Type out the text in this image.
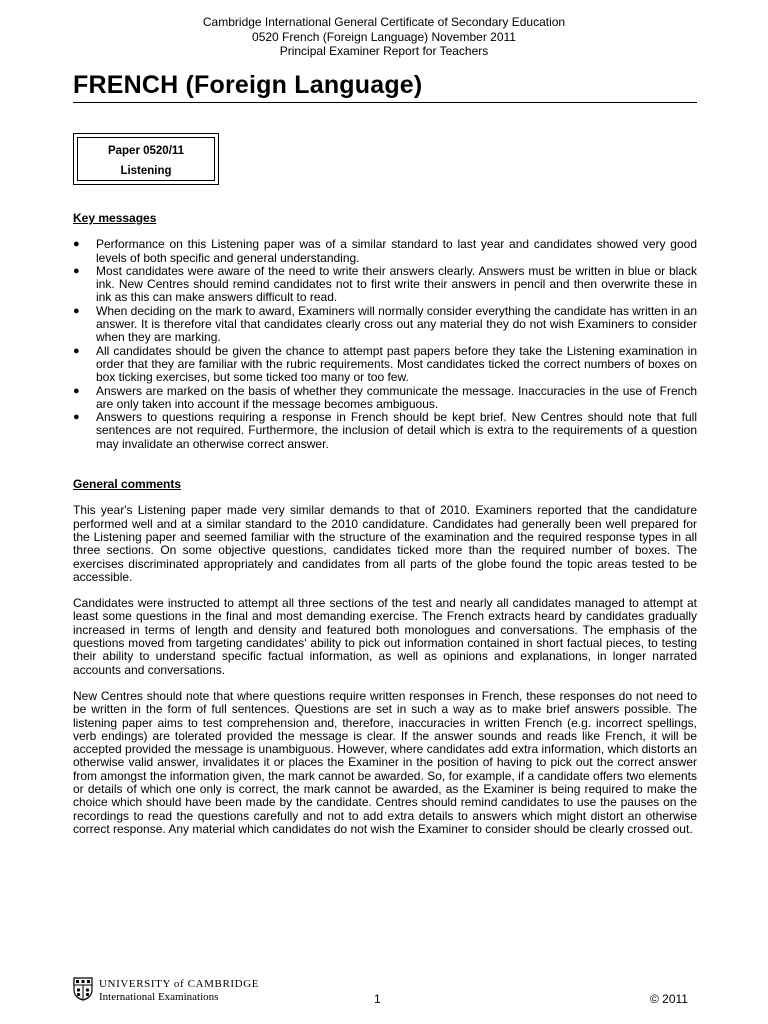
Cambridge International General Certificate of Secondary Education
0520 French (Foreign Language) November 2011
Principal Examiner Report for Teachers
FRENCH (Foreign Language)
Paper 0520/11
Listening
Key messages
● Performance on this Listening paper was of a similar standard to last year and candidates showed very good levels of both specific and general understanding.
● Most candidates were aware of the need to write their answers clearly. Answers must be written in blue or black ink. New Centres should remind candidates not to first write their answers in pencil and then overwrite these in ink as this can make answers difficult to read.
● When deciding on the mark to award, Examiners will normally consider everything the candidate has written in an answer. It is therefore vital that candidates clearly cross out any material they do not wish Examiners to consider when they are marking.
● All candidates should be given the chance to attempt past papers before they take the Listening examination in order that they are familiar with the rubric requirements. Most candidates ticked the correct numbers of boxes on box ticking exercises, but some ticked too many or too few.
● Answers are marked on the basis of whether they communicate the message. Inaccuracies in the use of French are only taken into account if the message becomes ambiguous.
● Answers to questions requiring a response in French should be kept brief. New Centres should note that full sentences are not required. Furthermore, the inclusion of detail which is extra to the requirements of a question may invalidate an otherwise correct answer.
General comments

This year's Listening paper made very similar demands to that of 2010. Examiners reported that the candidature performed well and at a similar standard to the 2010 candidature. Candidates had generally been well prepared for the Listening paper and seemed familiar with the structure of the examination and the required response types in all three sections. On some objective questions, candidates ticked more than the required number of boxes. The exercises discriminated appropriately and candidates from all parts of the globe found the topic areas tested to be accessible.

Candidates were instructed to attempt all three sections of the test and nearly all candidates managed to attempt at least some questions in the final and most demanding exercise. The French extracts heard by candidates gradually increased in terms of length and density and featured both monologues and conversations. The emphasis of the questions moved from targeting candidates' ability to pick out information contained in short factual pieces, to testing their ability to understand specific factual information, as well as opinions and explanations, in longer narrated accounts and conversations.

New Centres should note that where questions require written responses in French, these responses do not need to be written in the form of full sentences. Questions are set in such a way as to make brief answers possible. The listening paper aims to test comprehension and, therefore, inaccuracies in written French (e.g. incorrect spellings, verb endings) are tolerated provided the message is clear. If the answer sounds and reads like French, it will be accepted provided the message is unambiguous. However, where candidates add extra information, which distorts an otherwise valid answer, invalidates it or places the Examiner in the position of having to pick out the correct answer from amongst the information given, the mark cannot be awarded. So, for example, if a candidate offers two elements or details of which one only is correct, the mark cannot be awarded, as the Examiner is being required to make the choice which should have been made by the candidate. Centres should remind candidates to use the pauses on the recordings to read the questions carefully and not to add extra details to answers which might distort an otherwise correct response. Any material which candidates do not wish the Examiner to consider should be clearly crossed out.

UNIVERSITY of CAMBRIDGE
International Examinations	1	© 2011
